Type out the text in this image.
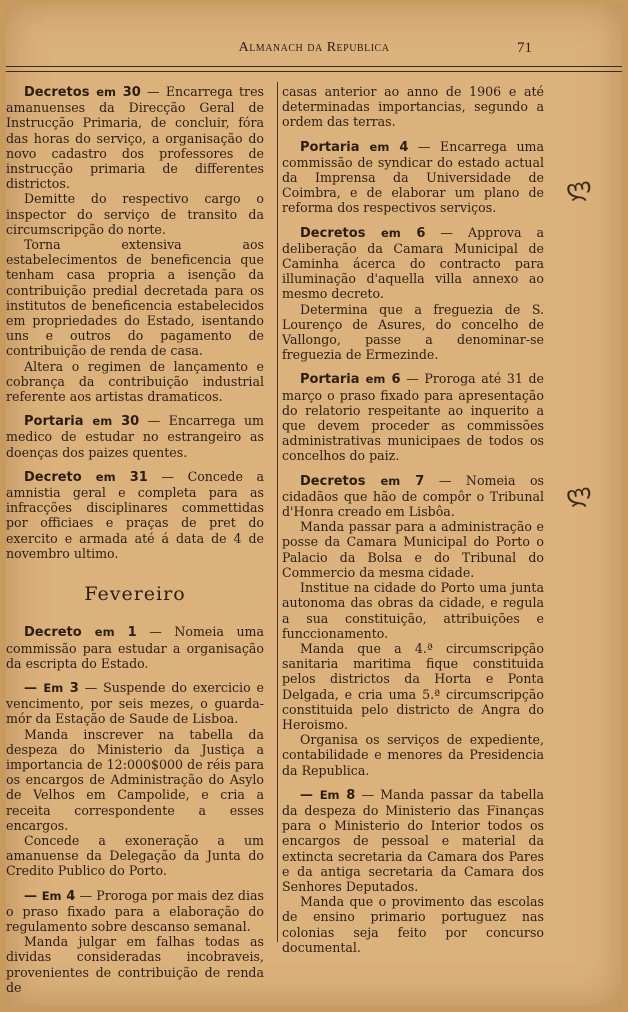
Almanach da Republica	71

Decretos em 30 — Encarrega tres amanuenses da Direcção Geral de Instrucção Primaria, de concluir, fóra das horas do serviço, a organisação do novo cadastro dos professores de instrucção primaria de differentes districtos.

Demitte do respectivo cargo o inspector do serviço de transito da circumscripção do norte.

Torna extensiva aos estabelecimentos de beneficencia que tenham casa propria a isenção da contribuição predial decretada para os institutos de beneficencia estabelecidos em propriedades do Estado, isentando uns e outros do pagamento de contribuição de renda de casa.

Altera o regimen de lançamento e cobrança da contribuição industrial referente aos artistas dramaticos.

Portaria em 30 — Encarrega um medico de estudar no estrangeiro as doenças dos paizes quentes.

Decreto em 31 — Concede a amnistia geral e completa para as infracções disciplinares commettidas por officiaes e praças de pret do exercito e armada até á data de 4 de novembro ultimo.

Fevereiro

Decreto em 1 — Nomeia uma commissão para estudar a organisação da escripta do Estado.

— Em 3 — Suspende do exercicio e vencimento, por seis mezes, o guarda-mór da Estação de Saude de Lisboa.

Manda inscrever na tabella da despeza do Ministerio da Justiça a importancia de 12:000$000 de réis para os encargos de Administração do Asylo de Velhos em Campolide, e cria a receita correspondente a esses encargos.

Concede a exoneração a um amanuense da Delegação da Junta do Credito Publico do Porto.

— Em 4 — Proroga por mais dez dias o praso fixado para a elaboração do regulamento sobre descanso semanal.

Manda julgar em falhas todas as dividas consideradas incobraveis, provenientes de contribuição de renda de

casas anterior ao anno de 1906 e até determinadas importancias, segundo a ordem das terras.

Portaria em 4 — Encarrega uma commissão de syndicar do estado actual da Imprensa da Universidade de Coimbra, e de elaborar um plano de reforma dos respectivos serviços.

Decretos em 6 — Approva a deliberação da Camara Municipal de Caminha ácerca do contracto para illuminação d'aquella villa annexo ao mesmo decreto.

Determina que a freguezia de S. Lourenço de Asures, do concelho de Vallongo, passe a denominar-se freguezia de Ermezinde.

Portaria em 6 — Proroga até 31 de março o praso fixado para apresentação do relatorio respeitante ao inquerito a que devem proceder as commissões administrativas municipaes de todos os concelhos do paiz.

Decretos em 7 — Nomeia os cidadãos que hão de compôr o Tribunal d'Honra creado em Lisbôa.

Manda passar para a administração e posse da Camara Municipal do Porto o Palacio da Bolsa e do Tribunal do Commercio da mesma cidade.

Institue na cidade do Porto uma junta autonoma das obras da cidade, e regula a sua constituição, attribuições e funccionamento.

Manda que a 4.ª circumscripção sanitaria maritima fique constituida pelos districtos da Horta e Ponta Delgada, e cria uma 5.ª circumscripção constituida pelo districto de Angra do Heroismo.

Organisa os serviços de expediente, contabilidade e menores da Presidencia da Republica.

— Em 8 — Manda passar da tabella da despeza do Ministerio das Finanças para o Ministerio do Interior todos os encargos de pessoal e material da extincta secretaria da Camara dos Pares e da antiga secretaria da Camara dos Senhores Deputados.

Manda que o provimento das escolas de ensino primario portuguez nas colonias seja feito por concurso documental.

ლ
ლ
